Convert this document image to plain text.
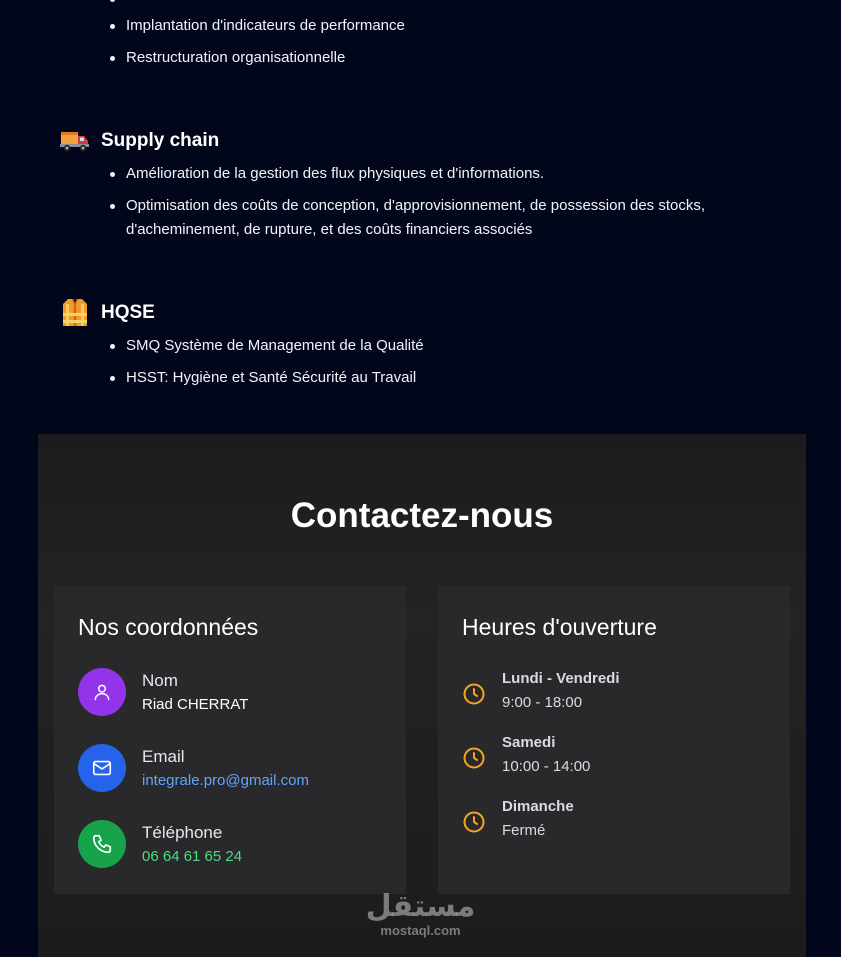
Implantation d'indicateurs de performance
Restructuration organisationnelle
Supply chain
Amélioration de la gestion des flux physiques et d'informations.
Optimisation des coûts de conception, d'approvisionnement, de possession des stocks, d'acheminement, de rupture, et des coûts financiers associés
HQSE
SMQ Système de Management de la Qualité
HSST: Hygiène et Santé Sécurité au Travail
Contactez-nous
Nos coordonnées
Nom
Riad CHERRAT
Email
integrale.pro@gmail.com
Téléphone
06 64 61 65 24
Heures d'ouverture
Lundi - Vendredi
9:00 - 18:00
Samedi
10:00 - 14:00
Dimanche
Fermé
مستقل
mostaql.com
